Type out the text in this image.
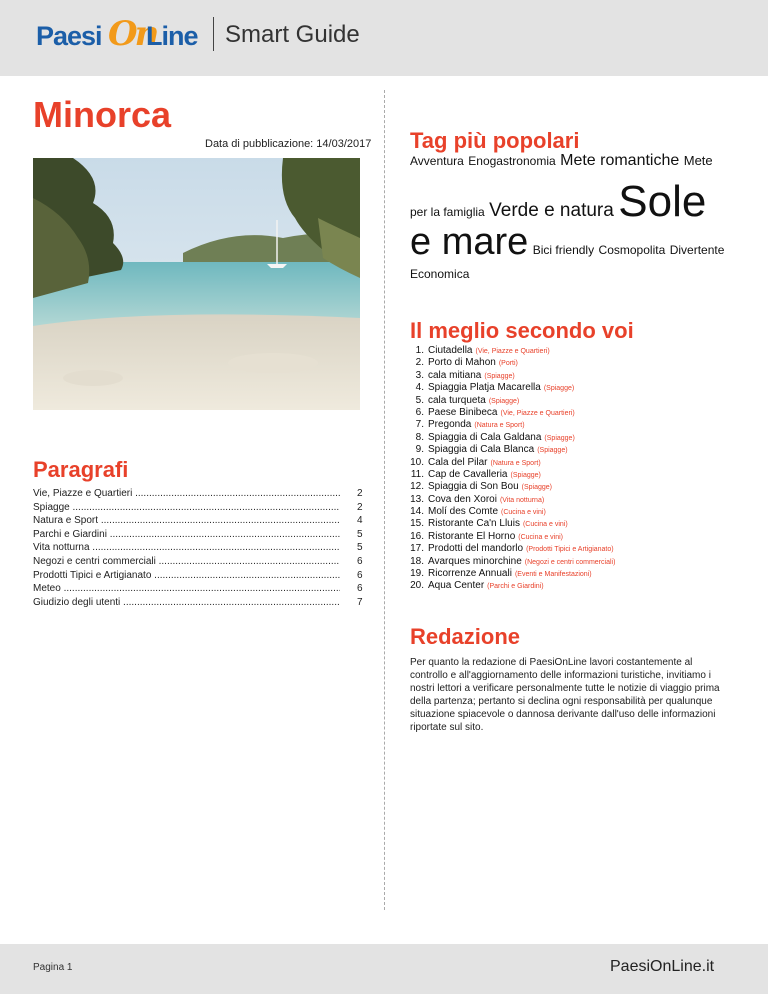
Paesi On
Line Smart Guide
Minorca
Data di pubblicazione: 14/03/2017
Paragrafi
Vie, Piazze e Quartieri .....	2
Spiagge .....	2
Natura e Sport .....	4
Parchi e Giardini .....	5
Vita notturna .....	5
Negozi e centri commerciali .....	6
Prodotti Tipici e Artigianato .....	6
Meteo .....	6
Giudizio degli utenti .....	7
Tag più popolari
Avventura Enogastronomia Mete romantiche Mete
per la famiglia Verde e natura Sole
e mare Bici friendly Cosmopolita Divertente
Economica
Il meglio secondo voi
1. Ciutadella (Vie, Piazze e Quartieri)
2. Porto di Mahon (Porti)
3. cala mitiana (Spiagge)
4. Spiaggia Platja Macarella (Spiagge)
5. cala turqueta (Spiagge)
6. Paese Binibeca (Vie, Piazze e Quartieri)
7. Pregonda (Natura e Sport)
8. Spiaggia di Cala Galdana (Spiagge)
9. Spiaggia di Cala Blanca (Spiagge)
10. Cala del Pilar (Natura e Sport)
11. Cap de Cavalleria (Spiagge)
12. Spiaggia di Son Bou (Spiagge)
13. Cova den Xoroi (Vita notturna)
14. Molí des Comte (Cucina e vini)
15. Ristorante Ca'n Lluis (Cucina e vini)
16. Ristorante El Horno (Cucina e vini)
17. Prodotti del mandorlo (Prodotti Tipici e Artigianato)
18. Avarques minorchine (Negozi e centri commerciali)
19. Ricorrenze Annuali (Eventi e Manifestazioni)
20. Aqua Center (Parchi e Giardini)
Redazione
Per quanto la redazione di PaesiOnLine lavori costantemente al controllo e all'aggiornamento delle informazioni turistiche, invitiamo i nostri lettori a verificare personalmente tutte le notizie di viaggio prima della partenza; pertanto si declina ogni responsabilità per qualunque situazione spiacevole o dannosa derivante dall'uso delle informazioni riportate sul sito.
Pagina 1	PaesiOnLine.it
